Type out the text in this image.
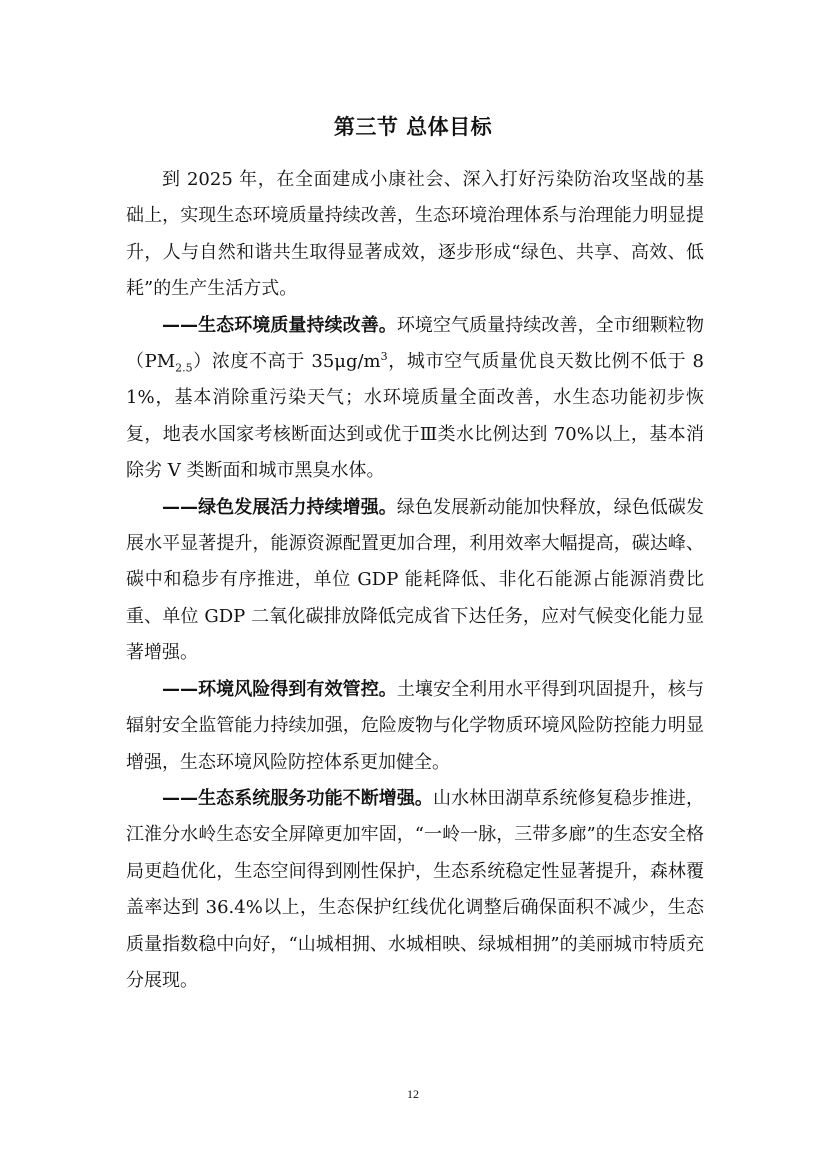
第三节 总体目标

到 2025 年，在全面建成小康社会、深入打好污染防治攻坚战的基础上，实现生态环境质量持续改善，生态环境治理体系与治理能力明显提升，人与自然和谐共生取得显著成效，逐步形成“绿色、共享、高效、低耗”的生产生活方式。

——生态环境质量持续改善。环境空气质量持续改善，全市细颗粒物$(PM_{2.5})$浓度不高于 $35\mu g/m^3$，城市空气质量优良天数比例不低于 81%，基本消除重污染天气；水环境质量全面改善，水生态功能初步恢复，地表水国家考核断面达到或优于Ⅲ类水比例达到 70%以上，基本消除劣 V 类断面和城市黑臭水体。

——绿色发展活力持续增强。绿色发展新动能加快释放，绿色低碳发展水平显著提升，能源资源配置更加合理，利用效率大幅提高，碳达峰、碳中和稳步有序推进，单位 GDP 能耗降低、非化石能源占能源消费比重、单位 GDP 二氧化碳排放降低完成省下达任务，应对气候变化能力显著增强。

——环境风险得到有效管控。土壤安全利用水平得到巩固提升，核与辐射安全监管能力持续加强，危险废物与化学物质环境风险防控能力明显增强，生态环境风险防控体系更加健全。

——生态系统服务功能不断增强。山水林田湖草系统修复稳步推进，江淮分水岭生态安全屏障更加牢固，“一岭一脉，三带多廊”的生态安全格局更趋优化，生态空间得到刚性保护，生态系统稳定性显著提升，森林覆盖率达到 36.4%以上，生态保护红线优化调整后确保面积不减少，生态质量指数稳中向好，“山城相拥、水城相映、绿城相拥”的美丽城市特质充分展现。

12
